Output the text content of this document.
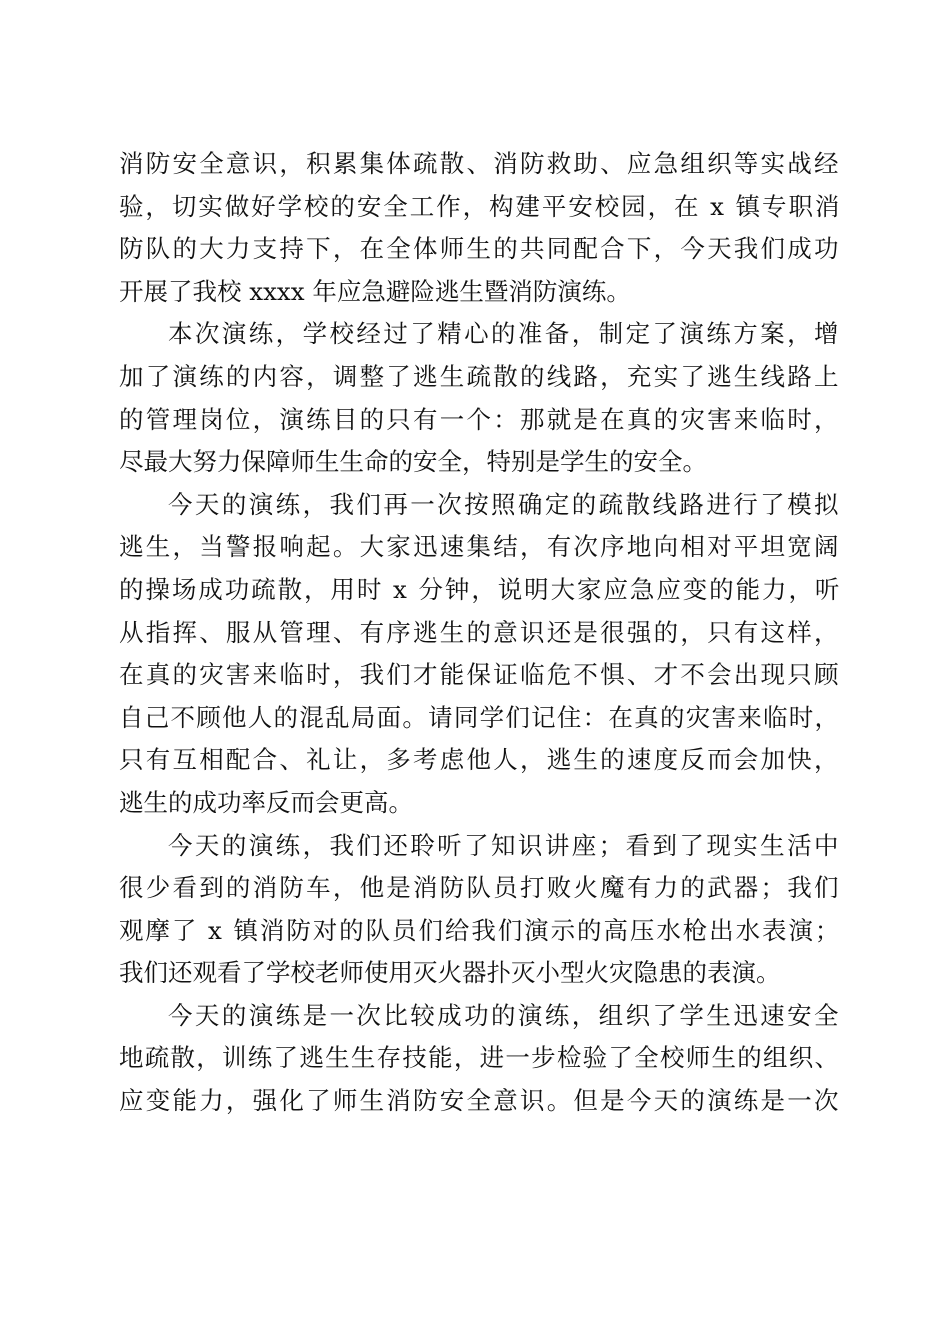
消防安全意识，积累集体疏散、消防救助、应急组织等实战经
验，切实做好学校的安全工作，构建平安校园，在 x 镇专职消
防队的大力支持下，在全体师生的共同配合下，今天我们成功
开展了我校 xxxx 年应急避险逃生暨消防演练。
本次演练，学校经过了精心的准备，制定了演练方案，增
加了演练的内容，调整了逃生疏散的线路，充实了逃生线路上
的管理岗位，演练目的只有一个：那就是在真的灾害来临时，
尽最大努力保障师生生命的安全，特别是学生的安全。
今天的演练，我们再一次按照确定的疏散线路进行了模拟
逃生，当警报响起。大家迅速集结，有次序地向相对平坦宽阔
的操场成功疏散，用时 x 分钟，说明大家应急应变的能力，听
从指挥、服从管理、有序逃生的意识还是很强的，只有这样，
在真的灾害来临时，我们才能保证临危不惧、才不会出现只顾
自己不顾他人的混乱局面。请同学们记住：在真的灾害来临时，
只有互相配合、礼让，多考虑他人，逃生的速度反而会加快，
逃生的成功率反而会更高。
今天的演练，我们还聆听了知识讲座；看到了现实生活中
很少看到的消防车，他是消防队员打败火魔有力的武器；我们
观摩了 x 镇消防对的队员们给我们演示的高压水枪出水表演；
我们还观看了学校老师使用灭火器扑灭小型火灾隐患的表演。
今天的演练是一次比较成功的演练，组织了学生迅速安全
地疏散，训练了逃生生存技能，进一步检验了全校师生的组织、
应变能力，强化了师生消防安全意识。但是今天的演练是一次
